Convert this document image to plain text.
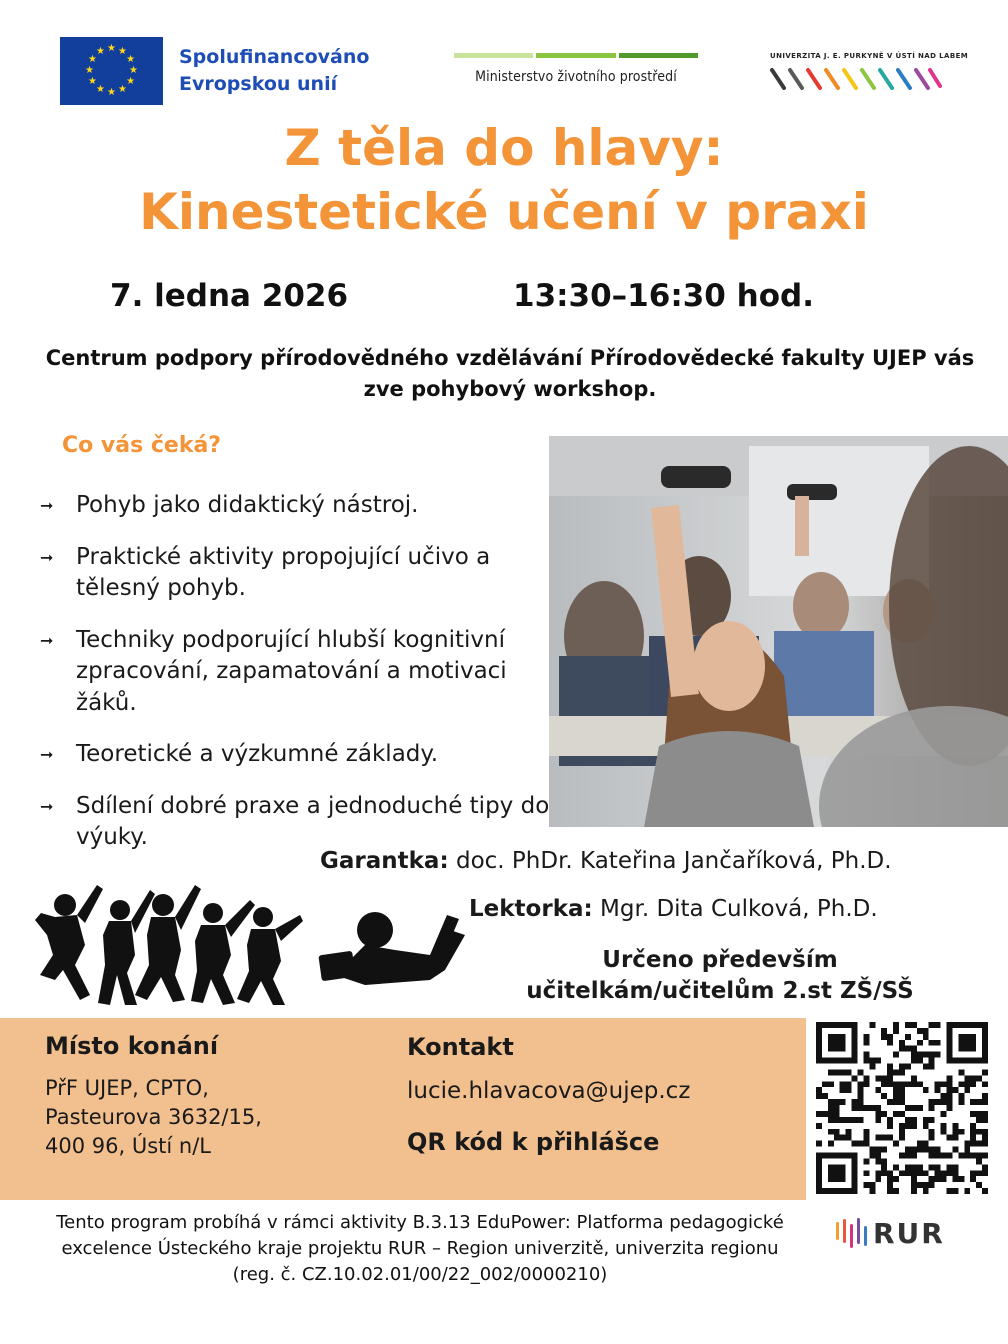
★ ★
★
★
★
★
★
★
★
★
★
★	Spolufinancováno
Evropskou unií	Ministerstvo životního prostředí
UNIVERZITA J. E. PURKYNĚ V ÚSTÍ NAD LABEM
Z těla do hlavy:
Kinestetické učení v praxi
7. ledna 2026	13:30–16:30 hod.
Centrum podpory přírodovědného vzdělávání Přírodovědecké fakulty UJEP vás zve pohybový workshop.
Co vás čeká?
➞ Pohyb jako didaktický nástroj.
➞ Praktické aktivity propojující učivo a tělesný pohyb.
➞ Techniky podporující hlubší kognitivní zpracování, zapamatování a motivaci žáků.
➞ Teoretické a výzkumné základy.
➞ Sdílení dobré praxe a jednoduché tipy do výuky.
Garantka: doc. PhDr. Kateřina Jančaříková, Ph.D.
Lektorka: Mgr. Dita Culková, Ph.D.
Určeno především
učitelkám/učitelům 2.st ZŠ/SŠ
Místo konání
PřF UJEP, CPTO,
Pasteurova 3632/15,
400 96, Ústí n/L
Kontakt
lucie.hlavacova@ujep.cz
QR kód k přihlášce
Tento program probíhá v rámci aktivity B.3.13 EduPower: Platforma pedagogické excelence Ústeckého kraje projektu RUR – Region univerzitě, univerzita regionu (reg. č. CZ.10.02.01/00/22_002/0000210)
RUR
